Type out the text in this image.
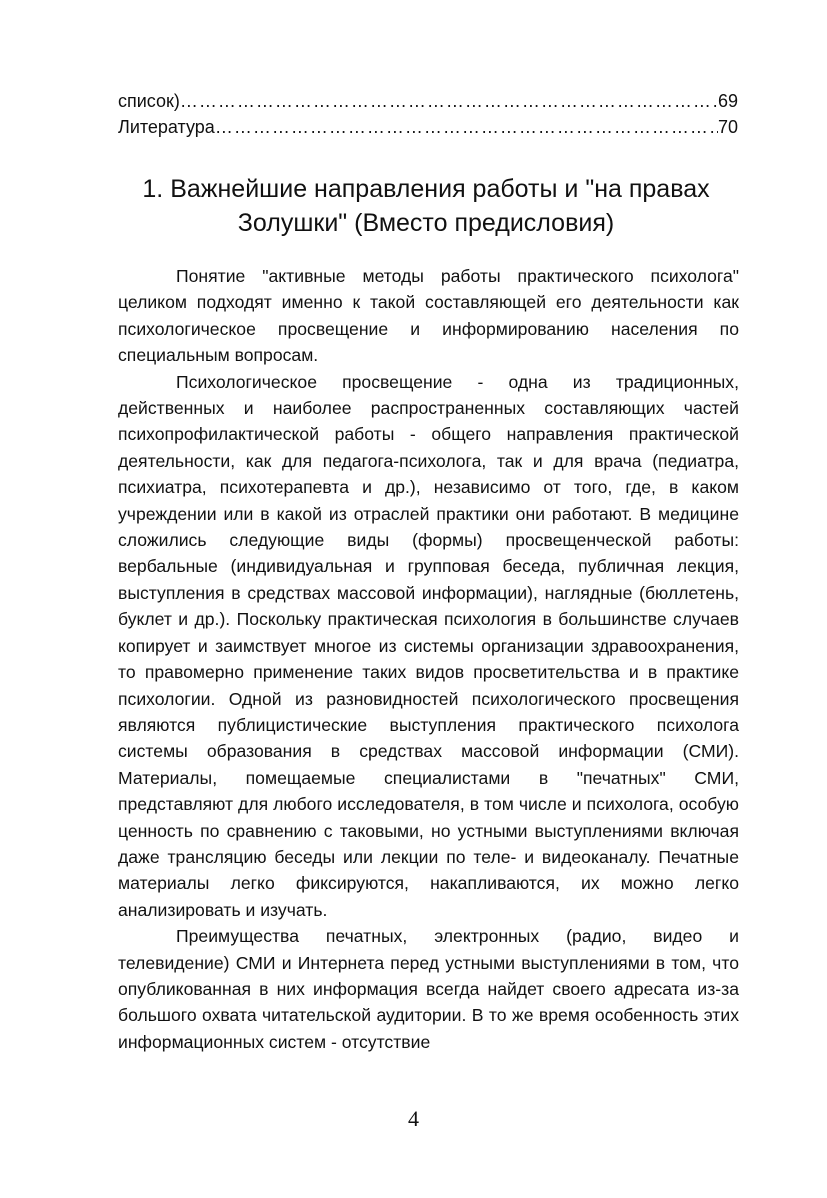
список) ………………………………………………………………………………………………………………………	69
Литература ………………………………………………………………………………………………………………………	70
1. Важнейшие направления работы и "на правах Золушки" (Вместо предисловия)

Понятие "активные методы работы практического психолога" целиком подходят именно к такой составляющей его деятельности как психологическое просвещение и информированию населения по специальным вопросам.

Психологическое просвещение - одна из традиционных, действенных и наиболее распространенных составляющих частей психопрофилактической работы - общего направления практической деятельности, как для педагога-психолога, так и для врача (педиатра, психиатра, психотерапевта и др.), независимо от того, где, в каком учреждении или в какой из отраслей практики они работают. В медицине сложились следующие виды (формы) просвещенческой работы: вербальные (индивидуальная и групповая беседа, публичная лекция, выступления в средствах массовой информации), наглядные (бюллетень, буклет и др.). Поскольку практическая психология в большинстве случаев копирует и заимствует многое из системы организации здравоохранения, то правомерно применение таких видов просветительства и в практике психологии. Одной из разновидностей психологического просвещения являются публицистические выступления практического психолога системы образования в средствах массовой информации (СМИ). Материалы, помещаемые специалистами в "печатных" СМИ, представляют для любого исследователя, в том числе и психолога, особую ценность по сравнению с таковыми, но устными выступлениями включая даже трансляцию беседы или лекции по теле- и видеоканалу. Печатные материалы легко фиксируются, накапливаются, их можно легко анализировать и изучать.

Преимущества печатных, электронных (радио, видео и телевидение) СМИ и Интернета перед устными выступлениями в том, что опубликованная в них информация всегда найдет своего адресата из-за большого охвата читательской аудитории. В то же время особенность этих информационных систем - отсутствие

4
